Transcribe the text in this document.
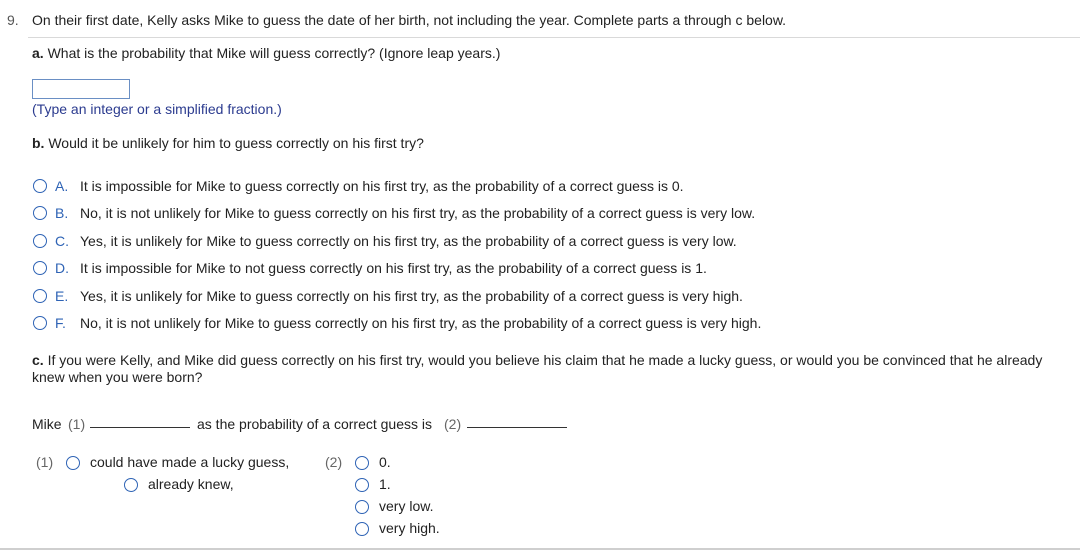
9. On their first date, Kelly asks Mike to guess the date of her birth, not including the year. Complete parts a through c below.
a. What is the probability that Mike will guess correctly? (Ignore leap years.)
(Type an integer or a simplified fraction.)
b. Would it be unlikely for him to guess correctly on his first try?
A. It is impossible for Mike to guess correctly on his first try, as the probability of a correct guess is 0.
B. No, it is not unlikely for Mike to guess correctly on his first try, as the probability of a correct guess is very low.
C. Yes, it is unlikely for Mike to guess correctly on his first try, as the probability of a correct guess is very low.
D. It is impossible for Mike to not guess correctly on his first try, as the probability of a correct guess is 1.
E. Yes, it is unlikely for Mike to guess correctly on his first try, as the probability of a correct guess is very high.
F. No, it is not unlikely for Mike to guess correctly on his first try, as the probability of a correct guess is very high.
c. If you were Kelly, and Mike did guess correctly on his first try, would you believe his claim that he made a lucky guess, or would you be convinced that he already
knew when you were born?
Mike (1)	as the probability of a correct guess is (2)
(1)	could have made a lucky guess,
already knew,
(2)	0.
1.
very low.
very high.
